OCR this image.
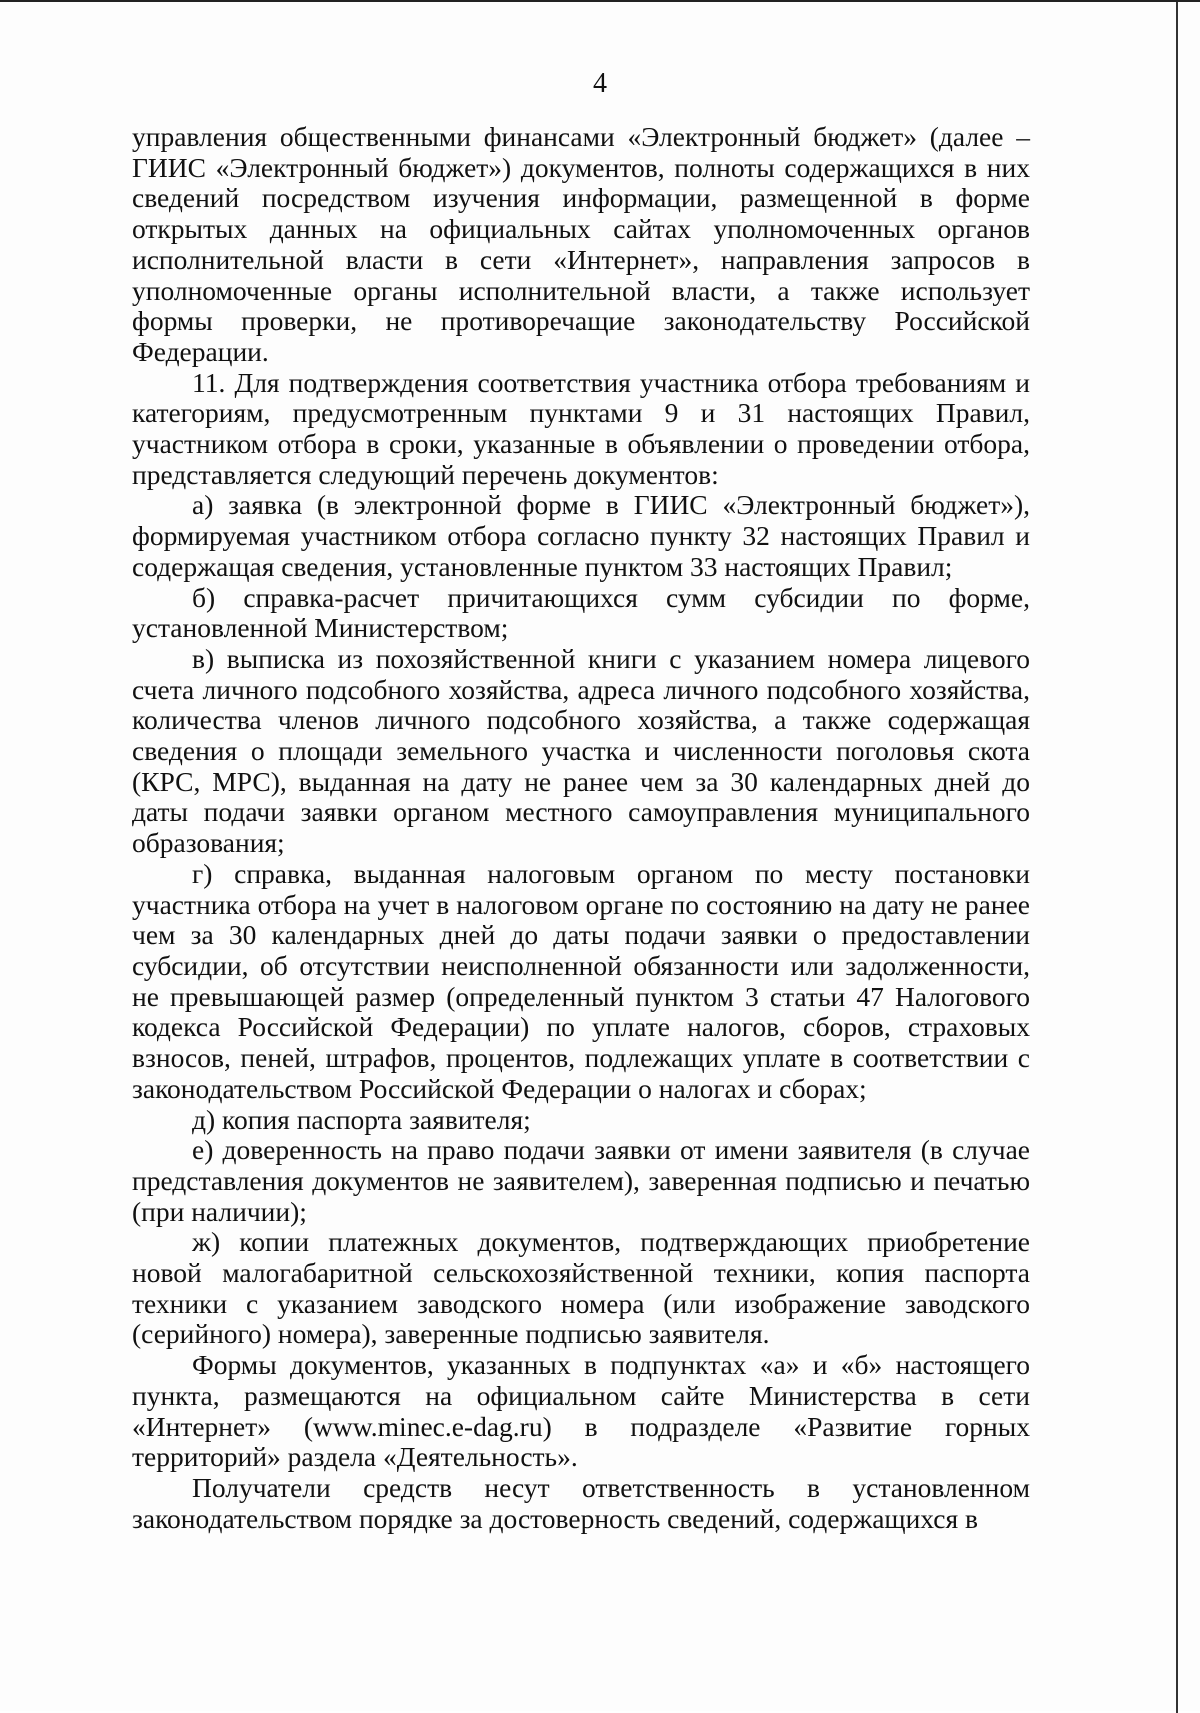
4

управления общественными финансами «Электронный бюджет» (далее – ГИИС «Электронный бюджет») документов, полноты содержащихся в них сведений посредством изучения информации, размещенной в форме открытых данных на официальных сайтах уполномоченных органов исполнительной власти в сети «Интернет», направления запросов в уполномоченные органы исполнительной власти, а также использует формы проверки, не противоречащие законодательству Российской Федерации.

11. Для подтверждения соответствия участника отбора требованиям и категориям, предусмотренным пунктами 9 и 31 настоящих Правил, участником отбора в сроки, указанные в объявлении о проведении отбора, представляется следующий перечень документов:

а) заявка (в электронной форме в ГИИС «Электронный бюджет»), формируемая участником отбора согласно пункту 32 настоящих Правил и содержащая сведения, установленные пунктом 33 настоящих Правил;

б) справка-расчет причитающихся сумм субсидии по форме, установленной Министерством;

в) выписка из похозяйственной книги с указанием номера лицевого счета личного подсобного хозяйства, адреса личного подсобного хозяйства, количества членов личного подсобного хозяйства, а также содержащая сведения о площади земельного участка и численности поголовья скота (КРС, МРС), выданная на дату не ранее чем за 30 календарных дней до даты подачи заявки органом местного самоуправления муниципального образования;

г) справка, выданная налоговым органом по месту постановки участника отбора на учет в налоговом органе по состоянию на дату не ранее чем за 30 календарных дней до даты подачи заявки о предоставлении субсидии, об отсутствии неисполненной обязанности или задолженности, не превышающей размер (определенный пунктом 3 статьи 47 Налогового кодекса Российской Федерации) по уплате налогов, сборов, страховых взносов, пеней, штрафов, процентов, подлежащих уплате в соответствии с законодательством Российской Федерации о налогах и сборах;

д) копия паспорта заявителя;

е) доверенность на право подачи заявки от имени заявителя (в случае представления документов не заявителем), заверенная подписью и печатью (при наличии);

ж) копии платежных документов, подтверждающих приобретение новой малогабаритной сельскохозяйственной техники, копия паспорта техники с указанием заводского номера (или изображение заводского (серийного) номера), заверенные подписью заявителя.

Формы документов, указанных в подпунктах «а» и «б» настоящего пункта, размещаются на официальном сайте Министерства в сети «Интернет» (www.minec.e-dag.ru) в подразделе «Развитие горных территорий» раздела «Деятельность».

Получатели средств несут ответственность в установленном законодательством порядке за достоверность сведений, содержащихся в
